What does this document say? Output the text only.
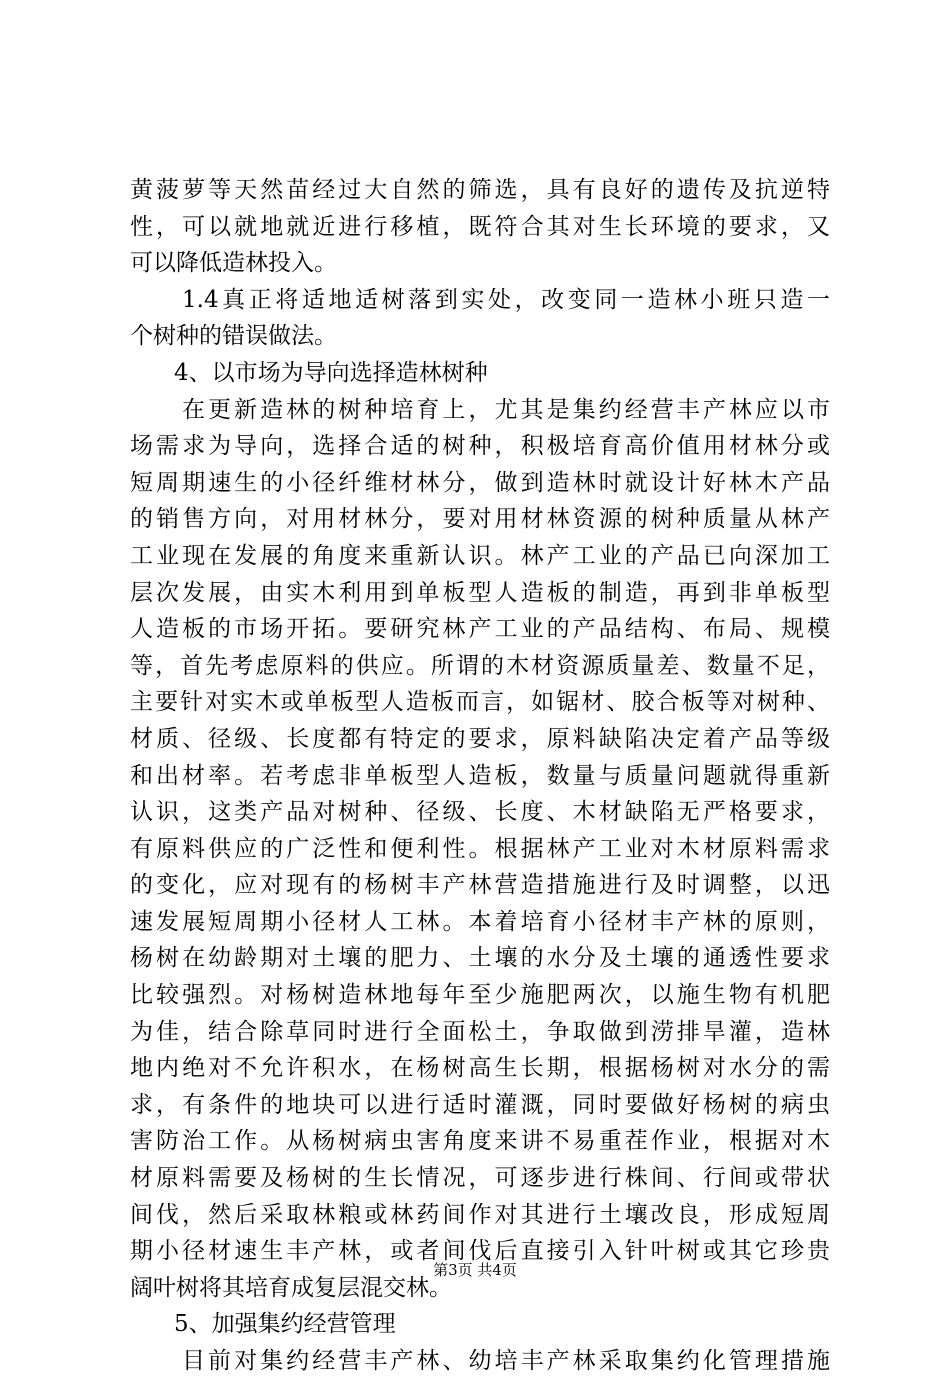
黄菠萝等天然苗经过大自然的筛选，具有良好的遗传及抗逆特
性，可以就地就近进行移植，既符合其对生长环境的要求，又
可以降低造林投入。
1.4真正将适地适树落到实处，改变同一造林小班只造一
个树种的错误做法。
4、以市场为导向选择造林树种
在更新造林的树种培育上，尤其是集约经营丰产林应以市
场需求为导向，选择合适的树种，积极培育高价值用材林分或
短周期速生的小径纤维材林分，做到造林时就设计好林木产品
的销售方向，对用材林分，要对用材林资源的树种质量从林产
工业现在发展的角度来重新认识。林产工业的产品已向深加工
层次发展，由实木利用到单板型人造板的制造，再到非单板型
人造板的市场开拓。要研究林产工业的产品结构、布局、规模
等，首先考虑原料的供应。所谓的木材资源质量差、数量不足，
主要针对实木或单板型人造板而言，如锯材、胶合板等对树种、
材质、径级、长度都有特定的要求，原料缺陷决定着产品等级
和出材率。若考虑非单板型人造板，数量与质量问题就得重新
认识，这类产品对树种、径级、长度、木材缺陷无严格要求，
有原料供应的广泛性和便利性。根据林产工业对木材原料需求
的变化，应对现有的杨树丰产林营造措施进行及时调整，以迅
速发展短周期小径材人工林。本着培育小径材丰产林的原则，
杨树在幼龄期对土壤的肥力、土壤的水分及土壤的通透性要求
比较强烈。对杨树造林地每年至少施肥两次，以施生物有机肥
为佳，结合除草同时进行全面松土，争取做到涝排旱灌，造林
地内绝对不允许积水，在杨树高生长期，根据杨树对水分的需
求，有条件的地块可以进行适时灌溉，同时要做好杨树的病虫
害防治工作。从杨树病虫害角度来讲不易重茬作业，根据对木
材原料需要及杨树的生长情况，可逐步进行株间、行间或带状
间伐，然后采取林粮或林药间作对其进行土壤改良，形成短周
期小径材速生丰产林，或者间伐后直接引入针叶树或其它珍贵
阔叶树将其培育成复层混交林。
5、加强集约经营管理
目前对集约经营丰产林、幼培丰产林采取集约化管理措施
第3页 共4页
